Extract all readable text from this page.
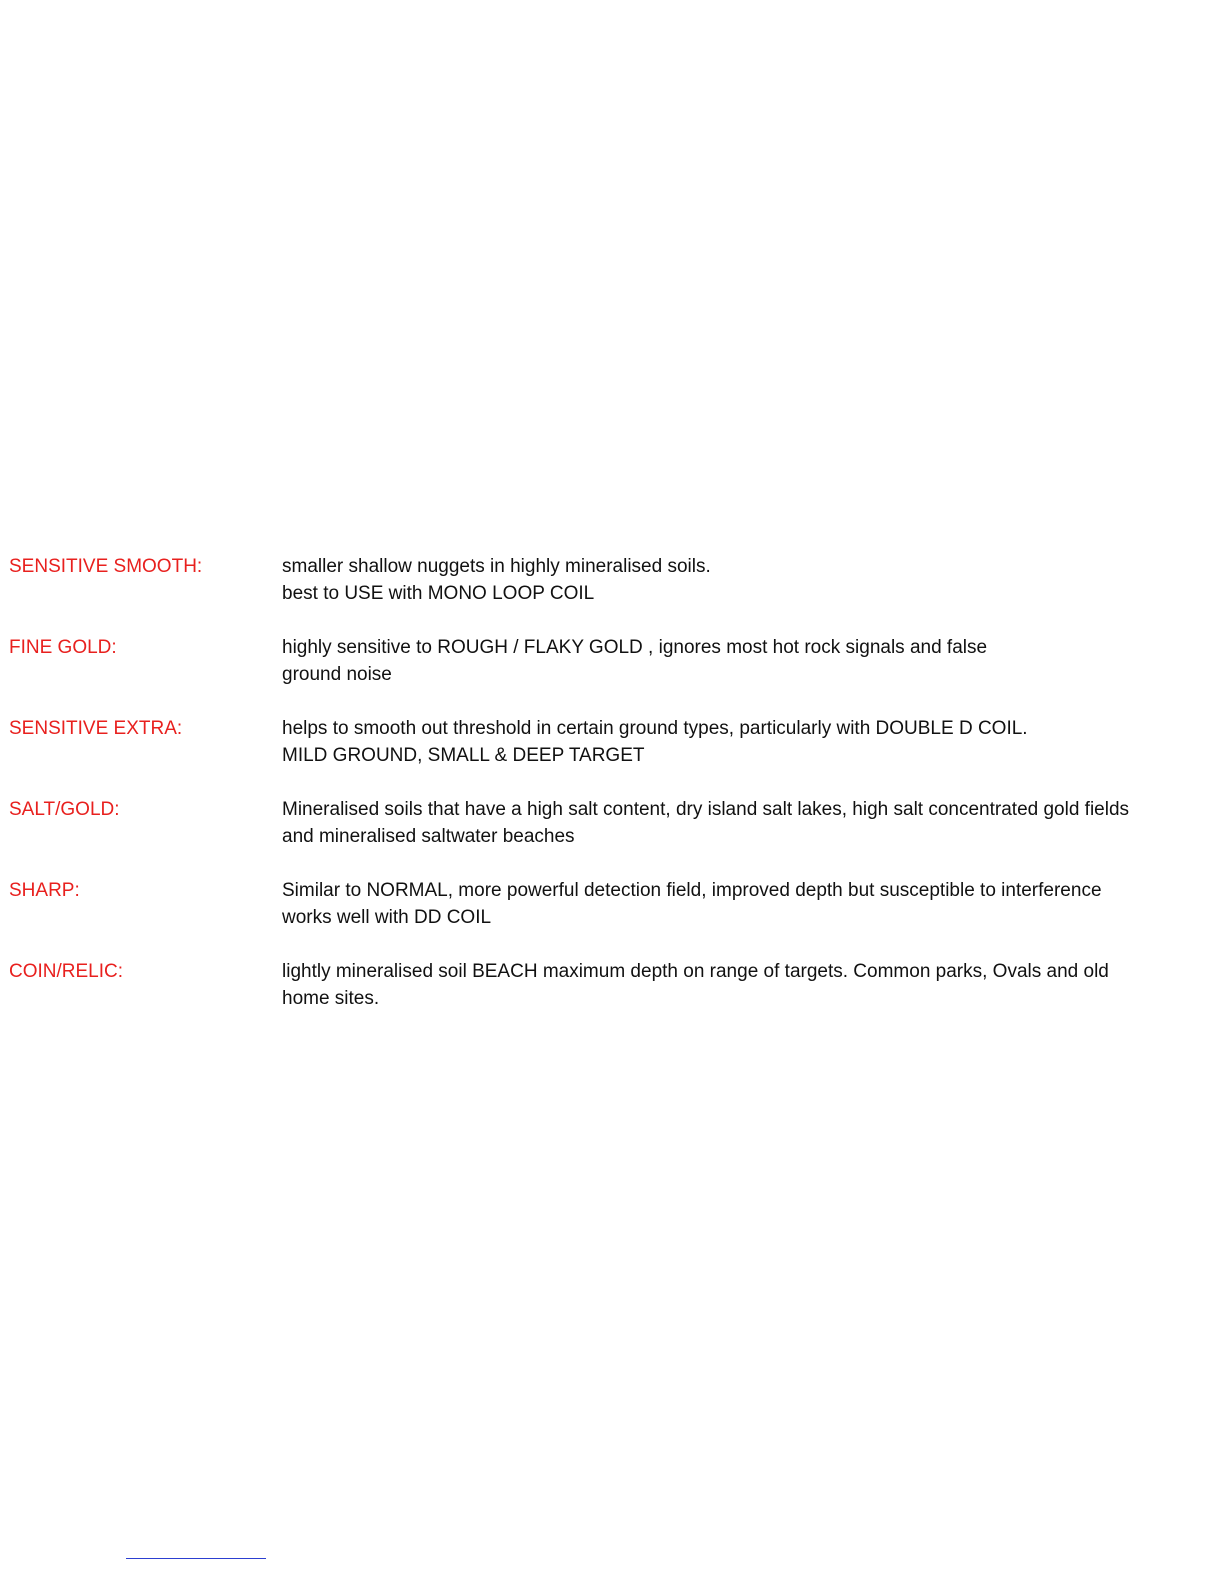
SENSITIVE SMOOTH:	smaller shallow nuggets in highly mineralised soils.
best to USE with MONO LOOP COIL
FINE GOLD:	highly sensitive to ROUGH / FLAKY GOLD , ignores most hot rock signals and false
ground noise
SENSITIVE EXTRA:	helps to smooth out threshold in certain ground types, particularly with DOUBLE D COIL.
MILD GROUND, SMALL & DEEP TARGET
SALT/GOLD:	Mineralised soils that have a high salt content, dry island salt lakes, high salt concentrated gold fields
and mineralised saltwater beaches
SHARP:	Similar to NORMAL, more powerful detection field, improved depth but susceptible to interference
works well with DD COIL
COIN/RELIC:	lightly mineralised soil BEACH maximum depth on range of targets. Common parks, Ovals and old
home sites.
